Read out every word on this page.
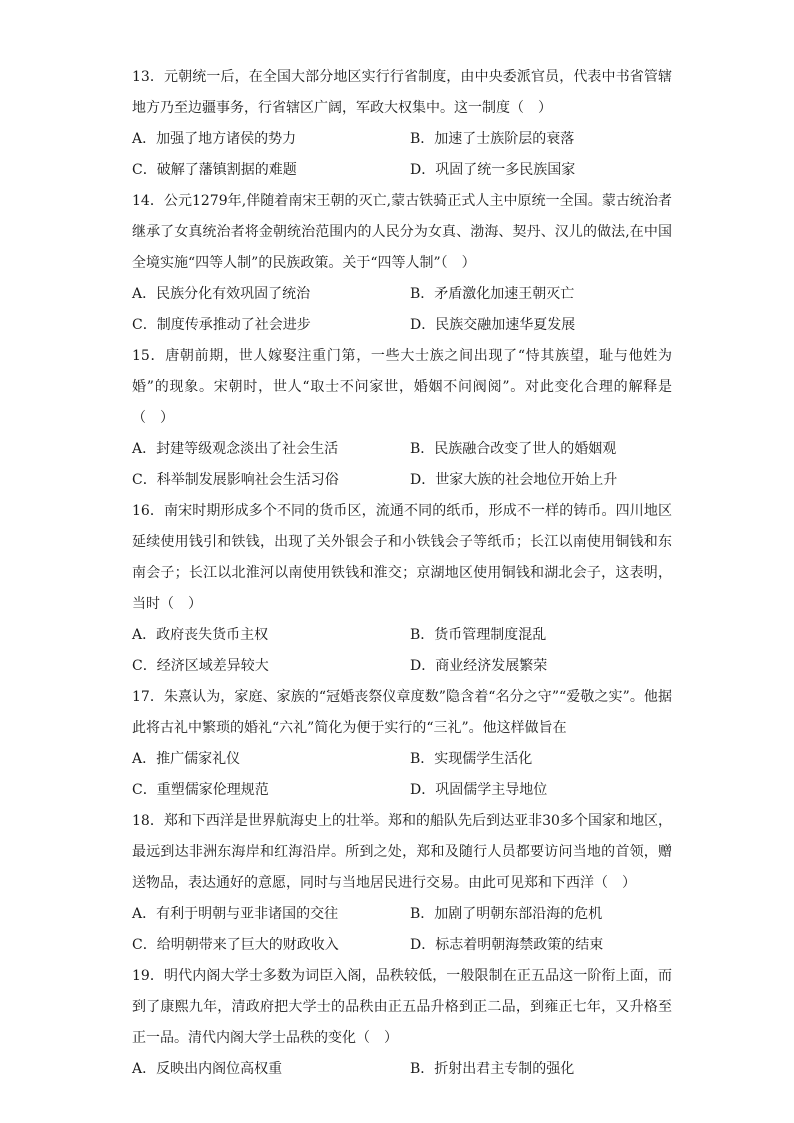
13．元朝统一后，在全国大部分地区实行行省制度，由中央委派官员，代表中书省管辖地方乃至边疆事务，行省辖区广阔，军政大权集中。这一制度（　）

A．加强了地方诸侯的势力	B．加速了士族阶层的衰落

C．破解了藩镇割据的难题	D．巩固了统一多民族国家

14．公元1279年,伴随着南宋王朝的灭亡,蒙古铁骑正式人主中原统一全国。蒙古统治者继承了女真统治者将金朝统治范围内的人民分为女真、渤海、契丹、汉儿的做法,在中国全境实施“四等人制”的民族政策。关于“四等人制”（　）

A．民族分化有效巩固了统治	B．矛盾激化加速王朝灭亡

C．制度传承推动了社会进步	D．民族交融加速华夏发展

15．唐朝前期，世人嫁娶注重门第，一些大士族之间出现了“恃其族望，耻与他姓为婚”的现象。宋朝时，世人“取士不问家世，婚姻不问阀阅”。对此变化合理的解释是（　）

A．封建等级观念淡出了社会生活	B．民族融合改变了世人的婚姻观

C．科举制发展影响社会生活习俗	D．世家大族的社会地位开始上升

16．南宋时期形成多个不同的货币区，流通不同的纸币，形成不一样的铸币。四川地区延续使用钱引和铁钱，出现了关外银会子和小铁钱会子等纸币；长江以南使用铜钱和东南会子；长江以北淮河以南使用铁钱和淮交；京湖地区使用铜钱和湖北会子，这表明，当时（　）

A．政府丧失货币主权	B．货币管理制度混乱

C．经济区域差异较大	D．商业经济发展繁荣

17．朱熹认为，家庭、家族的“冠婚丧祭仪章度数”隐含着“名分之守”“爱敬之实”。他据此将古礼中繁琐的婚礼“六礼”简化为便于实行的“三礼”。他这样做旨在

A．推广儒家礼仪	B．实现儒学生活化

C．重塑儒家伦理规范	D．巩固儒学主导地位

18．郑和下西洋是世界航海史上的壮举。郑和的船队先后到达亚非30多个国家和地区，最远到达非洲东海岸和红海沿岸。所到之处，郑和及随行人员都要访问当地的首领，赠送物品，表达通好的意愿，同时与当地居民进行交易。由此可见郑和下西洋（　）

A．有利于明朝与亚非诸国的交往	B．加剧了明朝东部沿海的危机

C．给明朝带来了巨大的财政收入	D．标志着明朝海禁政策的结束

19．明代内阁大学士多数为词臣入阁，品秩较低，一般限制在正五品这一阶衔上面，而到了康熙九年，清政府把大学士的品秩由正五品升格到正二品，到雍正七年，又升格至正一品。清代内阁大学士品秩的变化（　）

A．反映出内阁位高权重	B．折射出君主专制的强化
